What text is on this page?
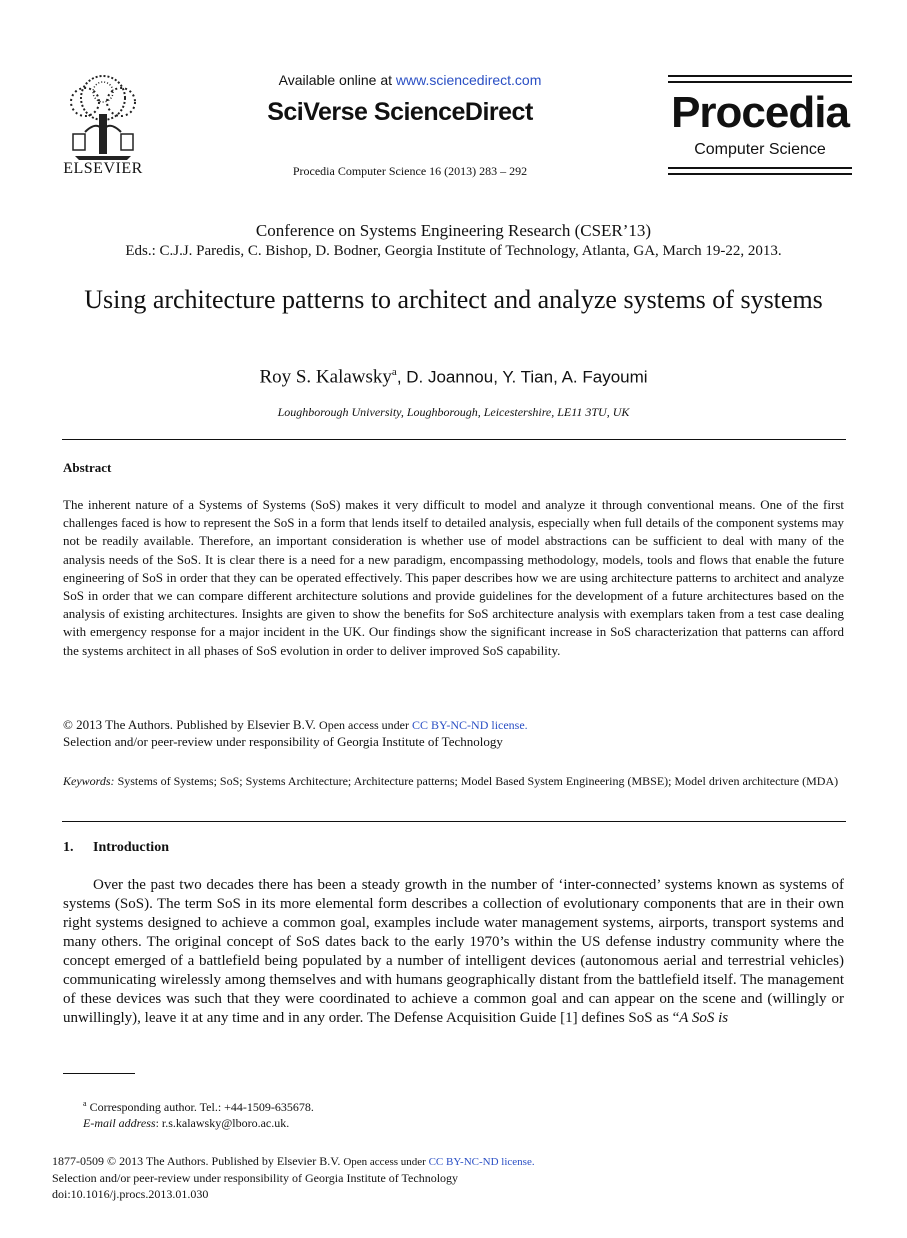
ELSEVIER
Available online at www.sciencedirect.com
SciVerse ScienceDirect
Procedia Computer Science 16 (2013) 283 – 292
Procedia
Computer Science
Conference on Systems Engineering Research (CSER’13)
Eds.: C.J.J. Paredis, C. Bishop, D. Bodner, Georgia Institute of Technology, Atlanta, GA, March 19-22, 2013.
Using architecture patterns to architect and analyze systems of systems
Roy S. Kalawsky$^a$, D. Joannou, Y. Tian, A. Fayoumi
Loughborough University, Loughborough, Leicestershire, LE11 3TU, UK
Abstract
The inherent nature of a Systems of Systems (SoS) makes it very difficult to model and analyze it through conventional means. One of the first challenges faced is how to represent the SoS in a form that lends itself to detailed analysis, especially when full details of the component systems may not be readily available. Therefore, an important consideration is whether use of model abstractions can be sufficient to deal with many of the analysis needs of the SoS. It is clear there is a need for a new paradigm, encompassing methodology, models, tools and flows that enable the future engineering of SoS in order that they can be operated effectively. This paper describes how we are using architecture patterns to architect and analyze SoS in order that we can compare different architecture solutions and provide guidelines for the development of a future architectures based on the analysis of existing architectures. Insights are given to show the benefits for SoS architecture analysis with exemplars taken from a test case dealing with emergency response for a major incident in the UK. Our findings show the significant increase in SoS characterization that patterns can afford the systems architect in all phases of SoS evolution in order to deliver improved SoS capability.
© 2013 The Authors. Published by Elsevier B.V. Open access under CC BY-NC-ND license.
Selection and/or peer-review under responsibility of Georgia Institute of Technology
Keywords: Systems of Systems; SoS; Systems Architecture; Architecture patterns; Model Based System Engineering (MBSE); Model driven architecture (MDA)
1. Introduction
Over the past two decades there has been a steady growth in the number of ‘inter-connected’ systems known as systems of systems (SoS). The term SoS in its more elemental form describes a collection of evolutionary components that are in their own right systems designed to achieve a common goal, examples include water management systems, airports, transport systems and many others. The original concept of SoS dates back to the early 1970’s within the US defense industry community where the concept emerged of a battlefield being populated by a number of intelligent devices (autonomous aerial and terrestrial vehicles) communicating wirelessly among themselves and with humans geographically distant from the battlefield itself. The management of these devices was such that they were coordinated to achieve a common goal and can appear on the scene and (willingly or unwillingly), leave it at any time and in any order. The Defense Acquisition Guide [1] defines SoS as “A SoS is
$^a$ Corresponding author. Tel.: +44-1509-635678.
E-mail address: r.s.kalawsky@lboro.ac.uk.
1877-0509 © 2013 The Authors. Published by Elsevier B.V. Open access under CC BY-NC-ND license.
Selection and/or peer-review under responsibility of Georgia Institute of Technology
doi:10.1016/j.procs.2013.01.030
